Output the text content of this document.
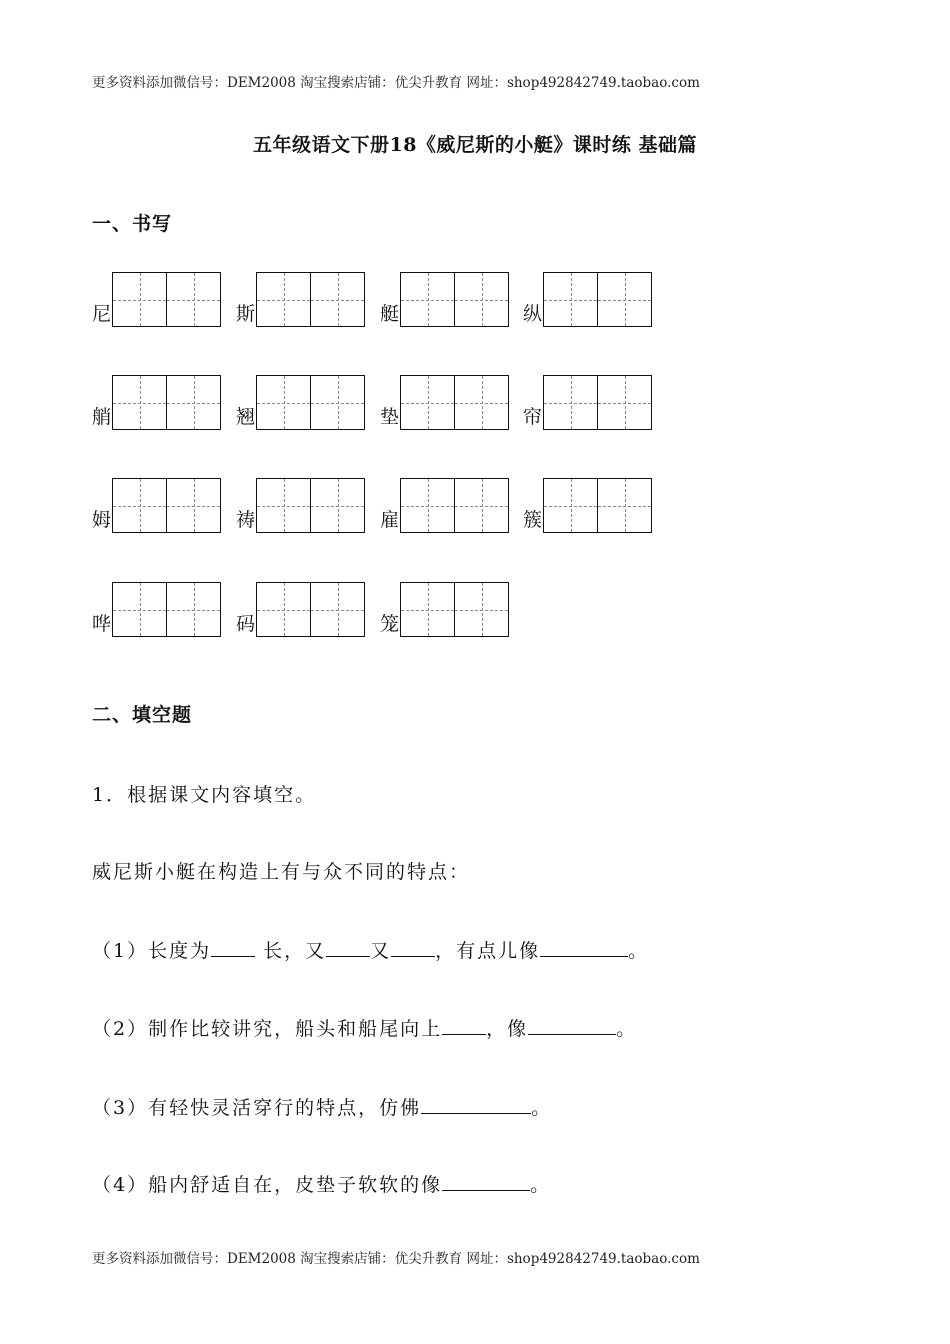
更多资料添加微信号：DEM2008 淘宝搜索店铺：优尖升教育 网址：shop492842749.taobao.com
五年级语文下册18《威尼斯的小艇》课时练 基础篇
一、书写
尼	斯	艇	纵
艄	翘	垫	帘
姆	祷	雇	簇
哗	码	笼
二、填空题
1．根据课文内容填空。
威尼斯小艇在构造上有与众不同的特点：
（1）长度为 长，又 又 ，有点儿像	。
（2）制作比较讲究，船头和船尾向上 ，像	。
（3）有轻快灵活穿行的特点，仿佛	。
（4）船内舒适自在，皮垫子软软的像	。
更多资料添加微信号：DEM2008 淘宝搜索店铺：优尖升教育 网址：shop492842749.taobao.com
